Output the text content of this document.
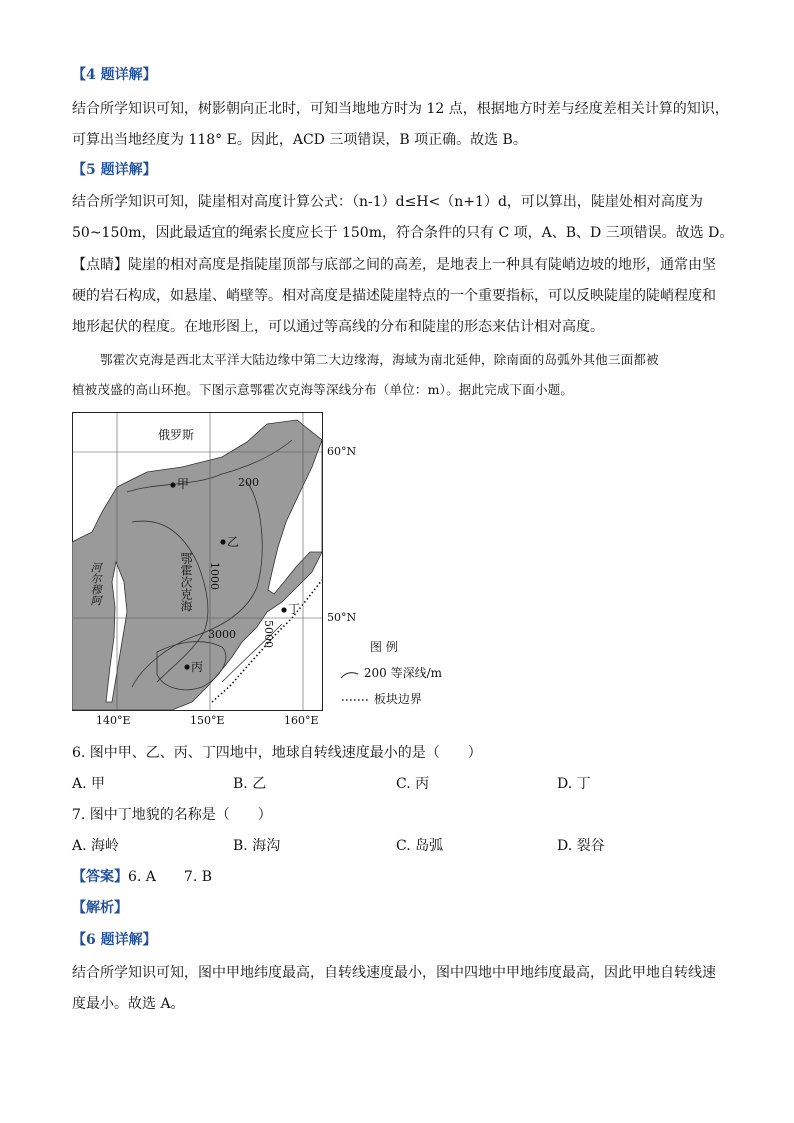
【4 题详解】
结合所学知识可知，树影朝向正北时，可知当地地方时为 12 点，根据地方时差与经度差相关计算的知识，
可算出当地经度为 118° E。因此，ACD 三项错误，B 项正确。故选 B。
【5 题详解】
结合所学知识可知，陡崖相对高度计算公式：（n-1）d≤H<（n+1）d，可以算出，陡崖处相对高度为
50~150m，因此最适宜的绳索长度应长于 150m，符合条件的只有 C 项，A、B、D 三项错误。故选 D。
【点睛】陡崖的相对高度是指陡崖顶部与底部之间的高差，是地表上一种具有陡峭边坡的地形，通常由坚
硬的岩石构成，如悬崖、峭壁等。相对高度是描述陡崖特点的一个重要指标，可以反映陡崖的陡峭程度和
地形起伏的程度。在地形图上，可以通过等高线的分布和陡崖的形态来估计相对高度。
鄂霍次克海是西北太平洋大陆边缘中第二大边缘海，海域为南北延伸，除南面的岛弧外其他三面都被
植被茂盛的高山环抱。下图示意鄂霍次克海等深线分布（单位：m）。据此完成下面小题。
俄罗斯
60°N
50°N
140°E	150°E	160°E
甲
乙
丙
丁
200
1000
3000 5000
河尔穆阿	鄂霍次克海
图 例
200 等深线/m
板块边界
6. 图中甲、乙、丙、丁四地中，地球自转线速度最小的是（　　）
A. 甲	B. 乙	C. 丙	D. 丁
7. 图中丁地貌的名称是（　　）
A. 海岭	B. 海沟	C. 岛弧	D. 裂谷
【答案】6. A　　7. B
【解析】
【6 题详解】
结合所学知识可知，图中甲地纬度最高，自转线速度最小，图中四地中甲地纬度最高，因此甲地自转线速
度最小。故选 A。
